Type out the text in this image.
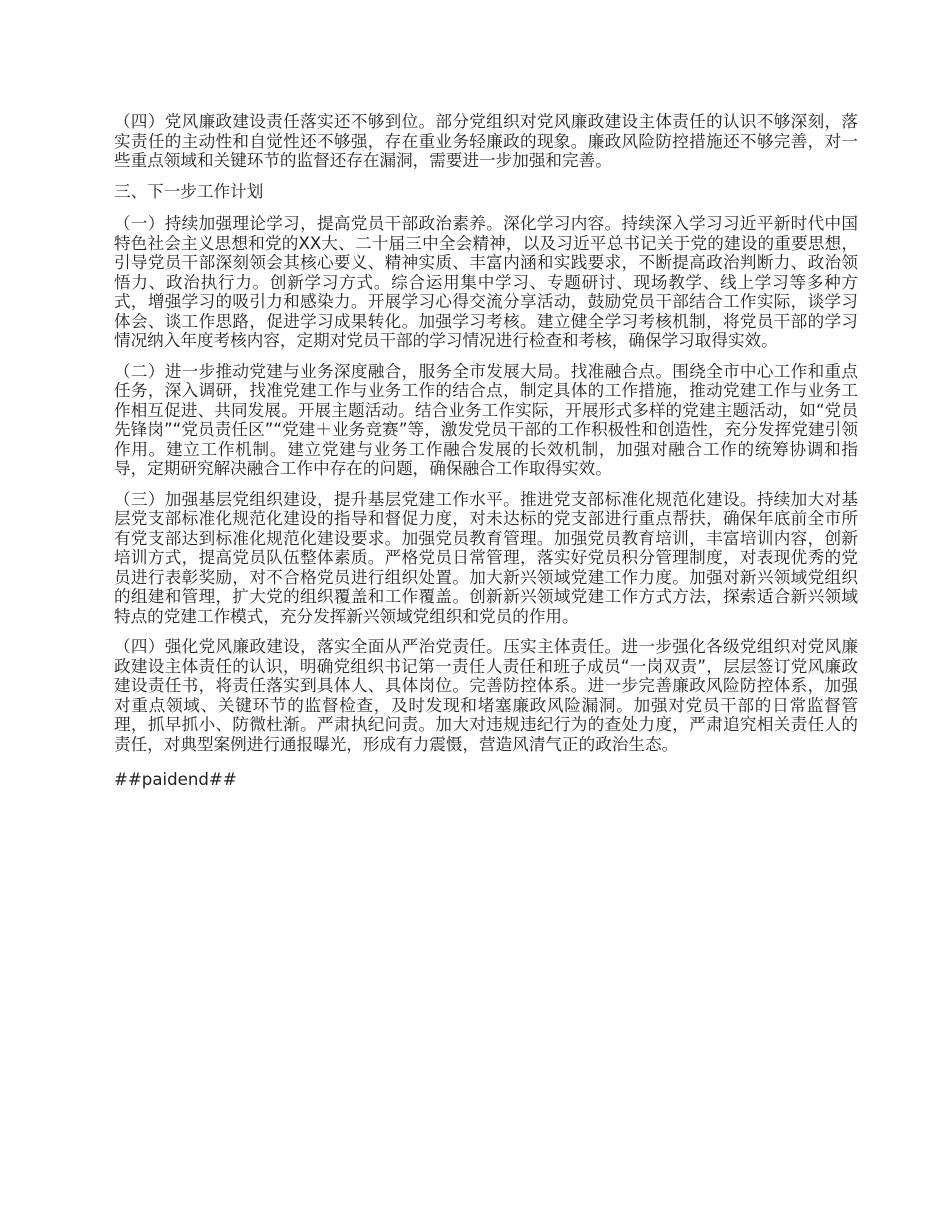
（四）党风廉政建设责任落实还不够到位。部分党组织对党风廉政建设主体责任的认识不够深刻，落实责任的主动性和自觉性还不够强，存在重业务轻廉政的现象。廉政风险防控措施还不够完善，对一些重点领域和关键环节的监督还存在漏洞，需要进一步加强和完善。

三、下一步工作计划

（一）持续加强理论学习，提高党员干部政治素养。深化学习内容。持续深入学习习近平新时代中国特色社会主义思想和党的XX大、二十届三中全会精神，以及习近平总书记关于党的建设的重要思想，引导党员干部深刻领会其核心要义、精神实质、丰富内涵和实践要求，不断提高政治判断力、政治领悟力、政治执行力。创新学习方式。综合运用集中学习、专题研讨、现场教学、线上学习等多种方式，增强学习的吸引力和感染力。开展学习心得交流分享活动，鼓励党员干部结合工作实际，谈学习体会、谈工作思路，促进学习成果转化。加强学习考核。建立健全学习考核机制，将党员干部的学习情况纳入年度考核内容，定期对党员干部的学习情况进行检查和考核，确保学习取得实效。

（二）进一步推动党建与业务深度融合，服务全市发展大局。找准融合点。围绕全市中心工作和重点任务，深入调研，找准党建工作与业务工作的结合点，制定具体的工作措施，推动党建工作与业务工作相互促进、共同发展。开展主题活动。结合业务工作实际，开展形式多样的党建主题活动，如“党员先锋岗”“党员责任区”“党建＋业务竞赛”等，激发党员干部的工作积极性和创造性，充分发挥党建引领作用。建立工作机制。建立党建与业务工作融合发展的长效机制，加强对融合工作的统筹协调和指导，定期研究解决融合工作中存在的问题，确保融合工作取得实效。

（三）加强基层党组织建设，提升基层党建工作水平。推进党支部标准化规范化建设。持续加大对基层党支部标准化规范化建设的指导和督促力度，对未达标的党支部进行重点帮扶，确保年底前全市所有党支部达到标准化规范化建设要求。加强党员教育管理。加强党员教育培训，丰富培训内容，创新培训方式，提高党员队伍整体素质。严格党员日常管理，落实好党员积分管理制度，对表现优秀的党员进行表彰奖励，对不合格党员进行组织处置。加大新兴领域党建工作力度。加强对新兴领域党组织的组建和管理，扩大党的组织覆盖和工作覆盖。创新新兴领域党建工作方式方法，探索适合新兴领域特点的党建工作模式，充分发挥新兴领域党组织和党员的作用。

（四）强化党风廉政建设，落实全面从严治党责任。压实主体责任。进一步强化各级党组织对党风廉政建设主体责任的认识，明确党组织书记第一责任人责任和班子成员“一岗双责”，层层签订党风廉政建设责任书，将责任落实到具体人、具体岗位。完善防控体系。进一步完善廉政风险防控体系，加强对重点领域、关键环节的监督检查，及时发现和堵塞廉政风险漏洞。加强对党员干部的日常监督管理，抓早抓小、防微杜渐。严肃执纪问责。加大对违规违纪行为的查处力度，严肃追究相关责任人的责任，对典型案例进行通报曝光，形成有力震慑，营造风清气正的政治生态。

##paidend##
